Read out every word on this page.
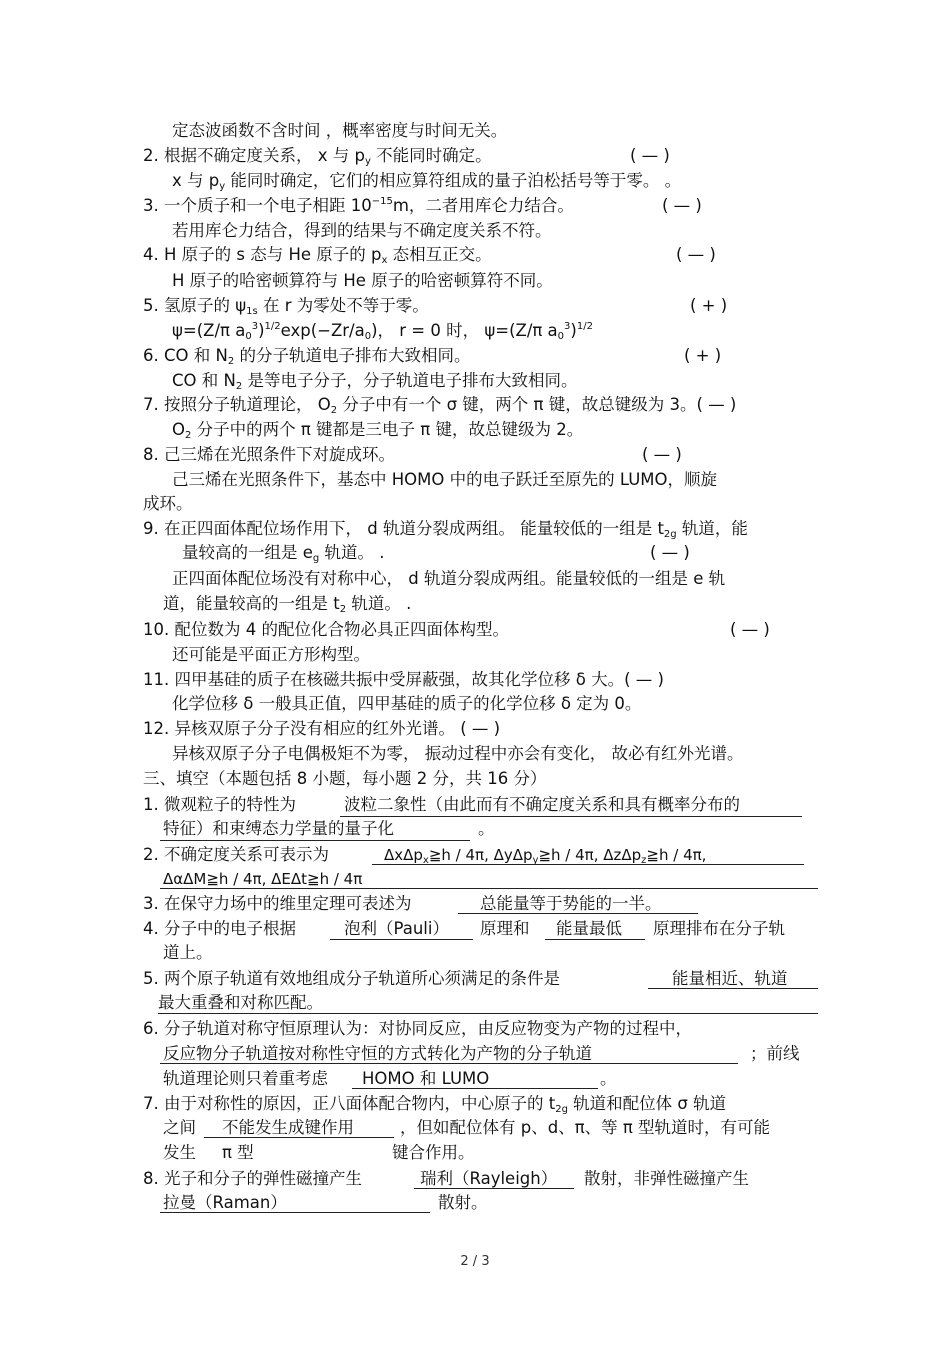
定态波函数不含时间 ，概率密度与时间无关。
2. 根据不确定度关系， x 与 $p_y$ 不能同时确定。	( — )
x 与 $p_y$ 能同时确定，它们的相应算符组成的量子泊松括号等于零。 。
3. 一个质子和一个电子相距 $10^{-15}m$，二者用库仑力结合。	( — )
若用库仑力结合，得到的结果与不确定度关系不符。
4. H 原子的 s 态与 He 原子的 $p_x$ 态相互正交。	( — )
H 原子的哈密顿算符与 He 原子的哈密顿算符不同。
5. 氢原子的 $\psi_{1s}$ 在 r 为零处不等于零。	( + )
ψ=(Z/π $a_0^3)^{1/2}\exp(-Zr/a_0)$， r = 0 时， ψ=(Z/π $a_0^3)^{1/2}$
6. CO 和 $N_2$ 的分子轨道电子排布大致相同。	( + )
CO 和 $N_2$ 是等电子分子，分子轨道电子排布大致相同。
7. 按照分子轨道理论， $O_2$ 分子中有一个 σ 键，两个 π 键，故总键级为 3。( — )
$O_2$ 分子中的两个 π 键都是三电子 π 键，故总键级为 2。
8. 己三烯在光照条件下对旋成环。	( — )
己三烯在光照条件下，基态中 HOMO 中的电子跃迁至原先的 LUMO，顺旋
成环。
9. 在正四面体配位场作用下， d 轨道分裂成两组。 能量较低的一组是 $t_{2g}$ 轨道，能
量较高的一组是 $e_g$ 轨道。 .	( — )
正四面体配位场没有对称中心， d 轨道分裂成两组。能量较低的一组是 e 轨
道，能量较高的一组是 $t_2$ 轨道。 .
10. 配位数为 4 的配位化合物必具正四面体构型。	( — )
还可能是平面正方形构型。
11. 四甲基硅的质子在核磁共振中受屏蔽强，故其化学位移 δ 大。( — )
化学位移 δ 一般具正值，四甲基硅的质子的化学位移 δ 定为 0。
12. 异核双原子分子没有相应的红外光谱。 ( — )
异核双原子分子电偶极矩不为零， 振动过程中亦会有变化， 故必有红外光谱。
三、填空（本题包括 8 小题，每小题 2 分，共 16 分）
1. 微观粒子的特性为	波粒二象性（由此而有不确定度关系和具有概率分布的
特征）和束缚态力学量的量子化	。
2. 不确定度关系可表示为	ΔxΔp$_x$≧h / 4π, ΔyΔp$_y$≧h / 4π, ΔzΔp$_z$≧h / 4π,
ΔαΔM≧h / 4π, ΔEΔt≧h / 4π
3. 在保守力场中的维里定理可表述为	总能量等于势能的一半。
4. 分子中的电子根据	泡利（Pauli） 原理和 能量最低 原理排布在分子轨
道上。
5. 两个原子轨道有效地组成分子轨道所心须满足的条件是	能量相近、轨道
最大重叠和对称匹配。
6. 分子轨道对称守恒原理认为：对协同反应，由反应物变为产物的过程中，
反应物分子轨道按对称性守恒的方式转化为产物的分子轨道	；前线
轨道理论则只着重考虑 HOMO 和 LUMO	。
7. 由于对称性的原因，正八面体配合物内，中心原子的 $t_{2g}$ 轨道和配位体 σ 轨道
之间 不能发生成键作用	，但如配位体有 p、d、π、等 π 型轨道时，有可能
发生 π 型	键合作用。
8. 光子和分子的弹性磁撞产生	瑞利（Rayleigh） 散射，非弹性磁撞产生
拉曼（Raman）	散射。
2 / 3
